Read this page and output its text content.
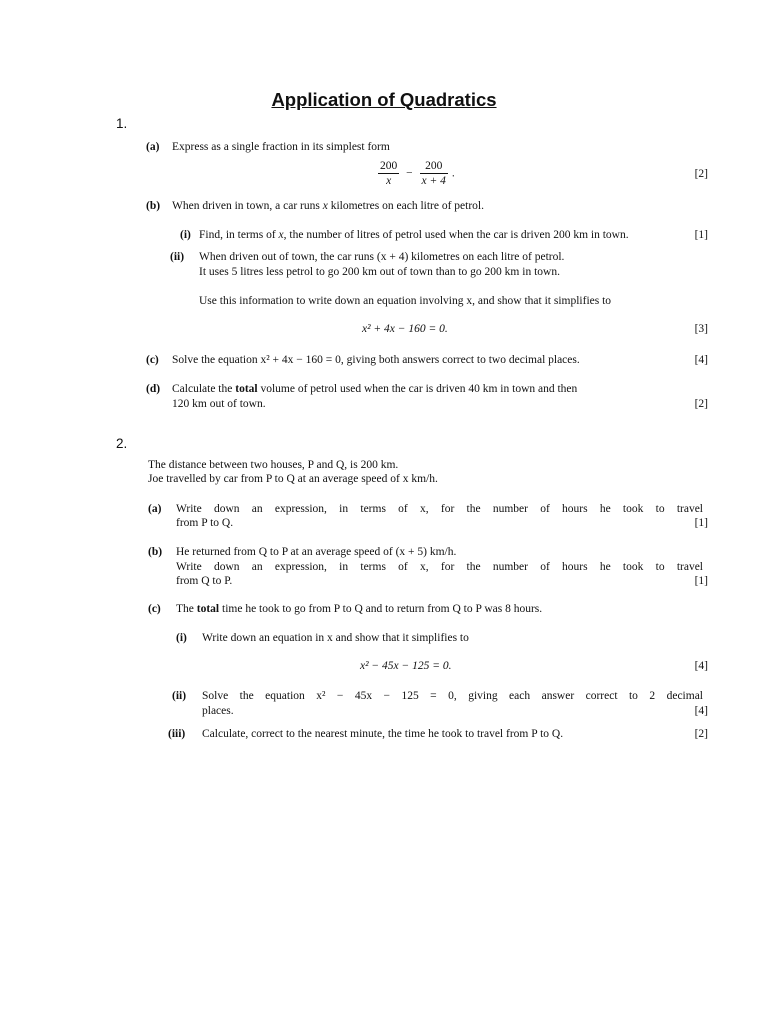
Application of Quadratics
1.
(a) Express as a single fraction in its simplest form
$\frac{200}{x} - \frac{200}{x + 4}$ .	[2]
(b) When driven in town, a car runs x kilometres on each litre of petrol.
(i) Find, in terms of x, the number of litres of petrol used when the car is driven 200 km in town.	[1]
(ii) When driven out of town, the car runs (x + 4) kilometres on each litre of petrol.
It uses 5 litres less petrol to go 200 km out of town than to go 200 km in town.
Use this information to write down an equation involving x, and show that it simplifies to
x² + 4x − 160 = 0.	[3]
(c) Solve the equation x² + 4x − 160 = 0, giving both answers correct to two decimal places.	[4]
(d) Calculate the total volume of petrol used when the car is driven 40 km in town and then
120 km out of town.	[2]
2.
The distance between two houses, P and Q, is 200 km.
Joe travelled by car from P to Q at an average speed of x km/h.
(a) Write down an expression, in terms of x, for the number of hours he took to travel
from P to Q.	[1]
(b) He returned from Q to P at an average speed of (x + 5) km/h.
Write down an expression, in terms of x, for the number of hours he took to travel
from Q to P.	[1]
(c) The total time he took to go from P to Q and to return from Q to P was 8 hours.
(i) Write down an equation in x and show that it simplifies to
x² − 45x − 125 = 0.	[4]
(ii) Solve the equation x² − 45x − 125 = 0, giving each answer correct to 2 decimal
places.	[4]
(iii) Calculate, correct to the nearest minute, the time he took to travel from P to Q.	[2]
